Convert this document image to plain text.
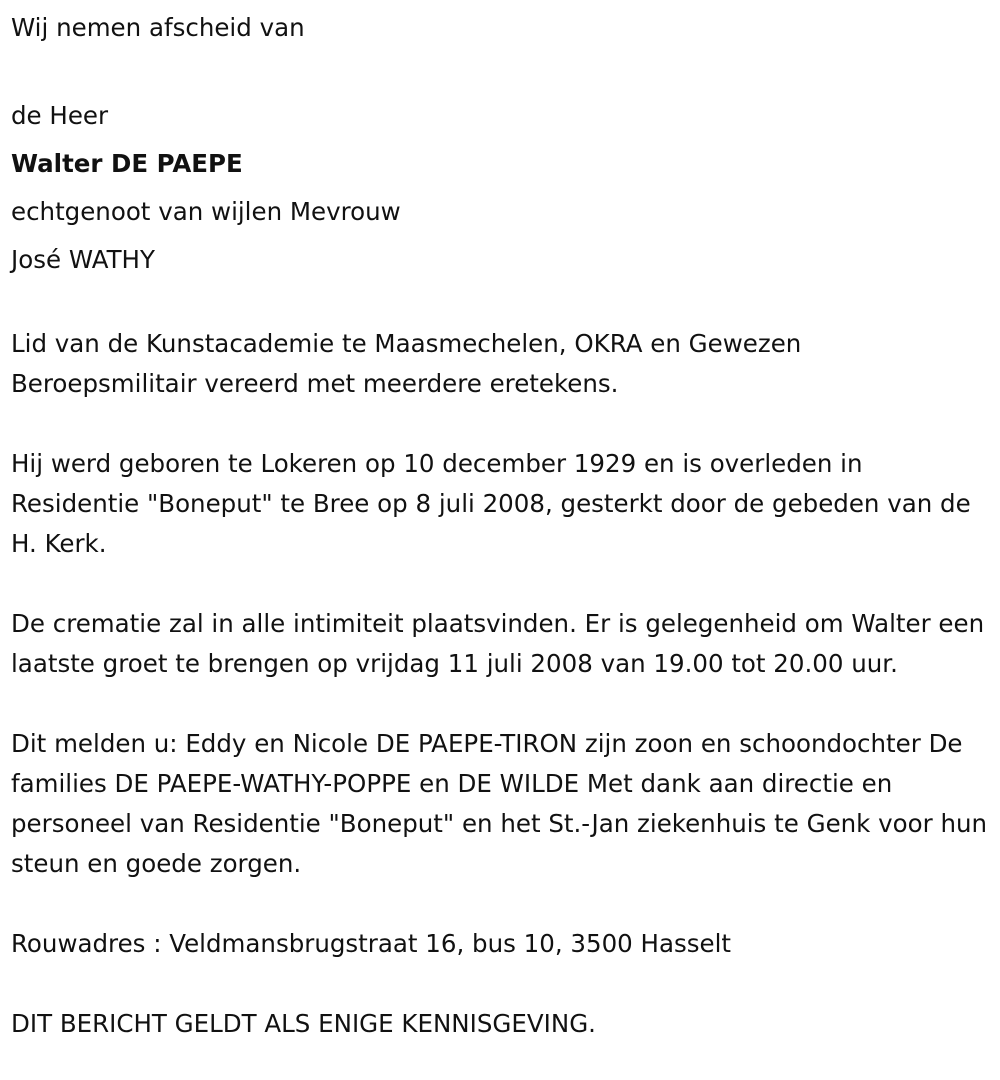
Wij nemen afscheid van

de Heer

Walter DE PAEPE

echtgenoot van wijlen Mevrouw

José WATHY

Lid van de Kunstacademie te Maasmechelen, OKRA en Gewezen Beroepsmilitair vereerd met meerdere eretekens.

Hij werd geboren te Lokeren op 10 december 1929 en is overleden in Residentie "Boneput" te Bree op 8 juli 2008, gesterkt door de gebeden van de H. Kerk.

De crematie zal in alle intimiteit plaatsvinden. Er is gelegenheid om Walter een laatste groet te brengen op vrijdag 11 juli 2008 van 19.00 tot 20.00 uur.

Dit melden u: Eddy en Nicole DE PAEPE-TIRON zijn zoon en schoondochter De families DE PAEPE-WATHY-POPPE en DE WILDE Met dank aan directie en personeel van Residentie "Boneput" en het St.-Jan ziekenhuis te Genk voor hun steun en goede zorgen.

Rouwadres : Veldmansbrugstraat 16, bus 10, 3500 Hasselt

DIT BERICHT GELDT ALS ENIGE KENNISGEVING.
